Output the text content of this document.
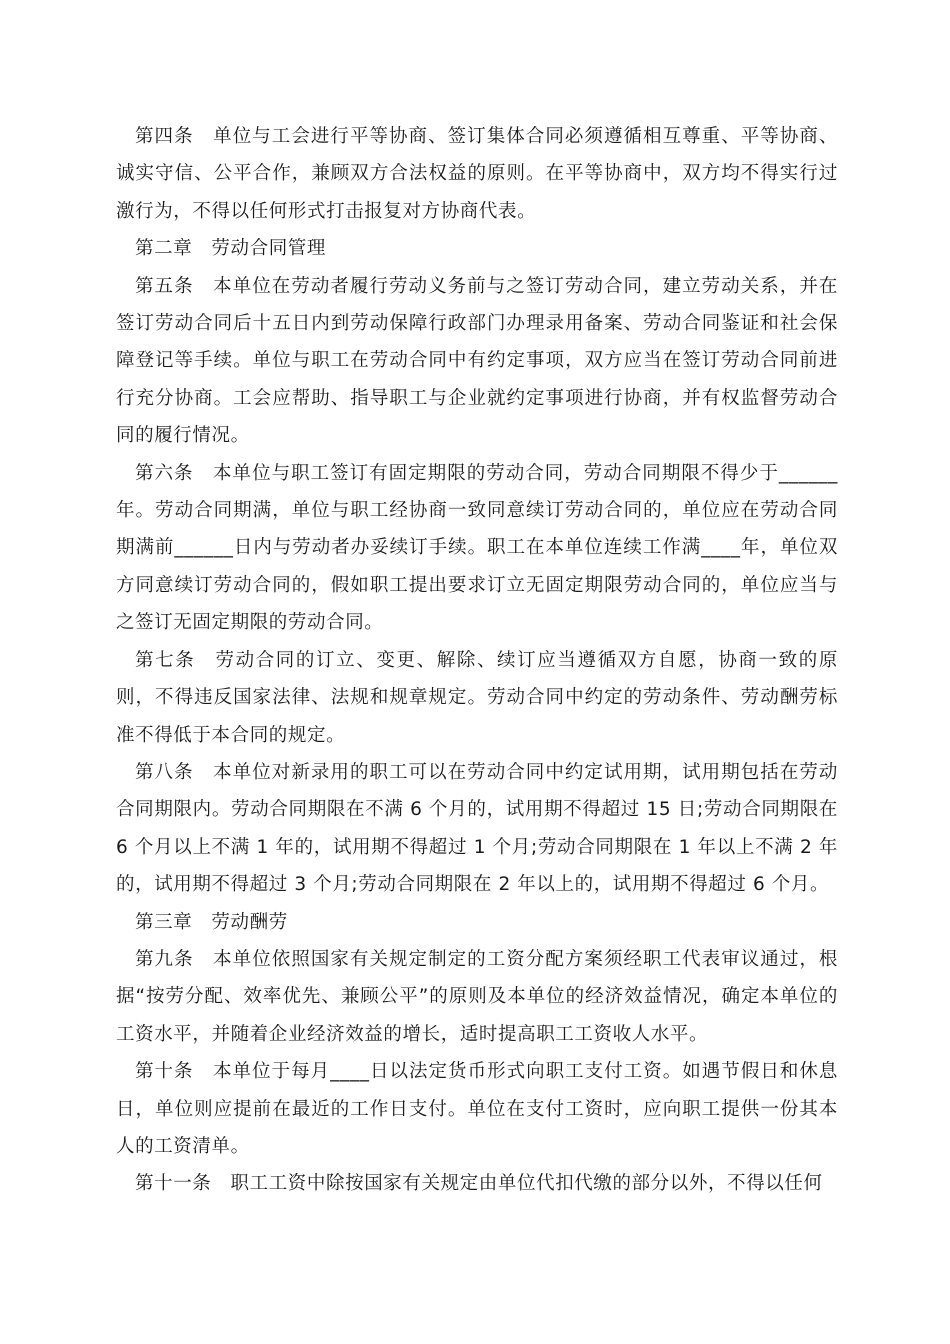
第四条　单位与工会进行平等协商、签订集体合同必须遵循相互尊重、平等协商、诚实守信、公平合作，兼顾双方合法权益的原则。在平等协商中，双方均不得实行过激行为，不得以任何形式打击报复对方协商代表。

第二章　劳动合同管理

第五条　本单位在劳动者履行劳动义务前与之签订劳动合同，建立劳动关系，并在签订劳动合同后十五日内到劳动保障行政部门办理录用备案、劳动合同鉴证和社会保障登记等手续。单位与职工在劳动合同中有约定事项，双方应当在签订劳动合同前进行充分协商。工会应帮助、指导职工与企业就约定事项进行协商，并有权监督劳动合同的履行情况。

第六条　本单位与职工签订有固定期限的劳动合同，劳动合同期限不得少于______年。劳动合同期满，单位与职工经协商一致同意续订劳动合同的，单位应在劳动合同期满前______日内与劳动者办妥续订手续。职工在本单位连续工作满____年，单位双方同意续订劳动合同的，假如职工提出要求订立无固定期限劳动合同的，单位应当与之签订无固定期限的劳动合同。

第七条　劳动合同的订立、变更、解除、续订应当遵循双方自愿，协商一致的原则，不得违反国家法律、法规和规章规定。劳动合同中约定的劳动条件、劳动酬劳标准不得低于本合同的规定。

第八条　本单位对新录用的职工可以在劳动合同中约定试用期，试用期包括在劳动合同期限内。劳动合同期限在不满 6 个月的，试用期不得超过 15 日;劳动合同期限在 6 个月以上不满 1 年的，试用期不得超过 1 个月;劳动合同期限在 1 年以上不满 2 年的，试用期不得超过 3 个月;劳动合同期限在 2 年以上的，试用期不得超过 6 个月。

第三章　劳动酬劳

第九条　本单位依照国家有关规定制定的工资分配方案须经职工代表审议通过，根据“按劳分配、效率优先、兼顾公平”的原则及本单位的经济效益情况，确定本单位的工资水平，并随着企业经济效益的增长，适时提高职工工资收人水平。

第十条　本单位于每月____日以法定货币形式向职工支付工资。如遇节假日和休息日，单位则应提前在最近的工作日支付。单位在支付工资时，应向职工提供一份其本人的工资清单。

第十一条　职工工资中除按国家有关规定由单位代扣代缴的部分以外，不得以任何
